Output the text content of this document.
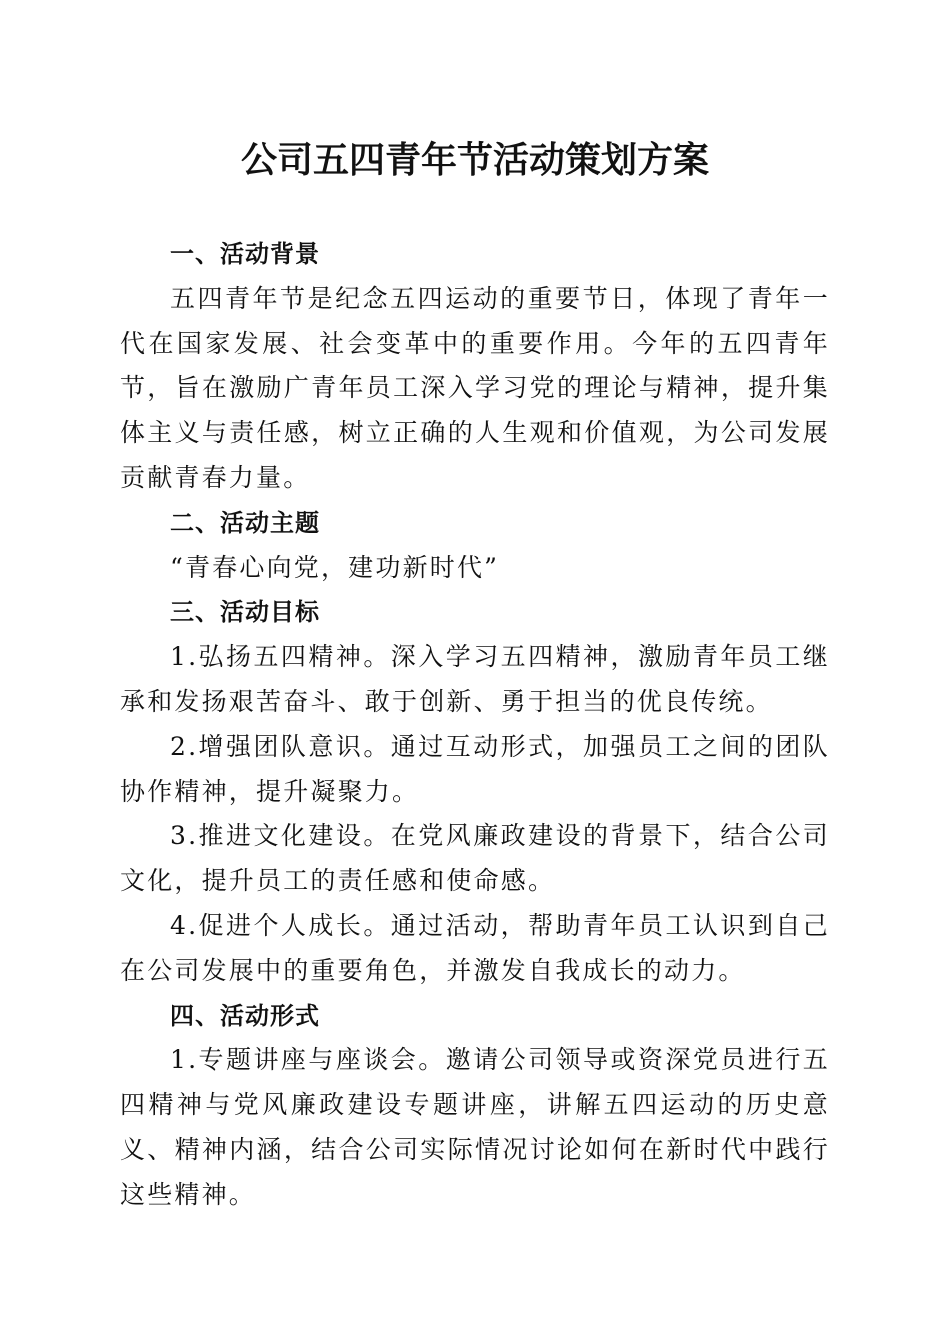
公司五四青年节活动策划方案
一、活动背景

五四青年节是纪念五四运动的重要节日，体现了青年一代在国家发展、社会变革中的重要作用。今年的五四青年节，旨在激励广青年员工深入学习党的理论与精神，提升集体主义与责任感，树立正确的人生观和价值观，为公司发展贡献青春力量。

二、活动主题

“青春心向党，建功新时代”

三、活动目标

1.弘扬五四精神。深入学习五四精神，激励青年员工继承和发扬艰苦奋斗、敢于创新、勇于担当的优良传统。

2.增强团队意识。通过互动形式，加强员工之间的团队协作精神，提升凝聚力。

3.推进文化建设。在党风廉政建设的背景下，结合公司文化，提升员工的责任感和使命感。

4.促进个人成长。通过活动，帮助青年员工认识到自己在公司发展中的重要角色，并激发自我成长的动力。

四、活动形式

1.专题讲座与座谈会。邀请公司领导或资深党员进行五四精神与党风廉政建设专题讲座，讲解五四运动的历史意义、精神内涵，结合公司实际情况讨论如何在新时代中践行这些精神。
